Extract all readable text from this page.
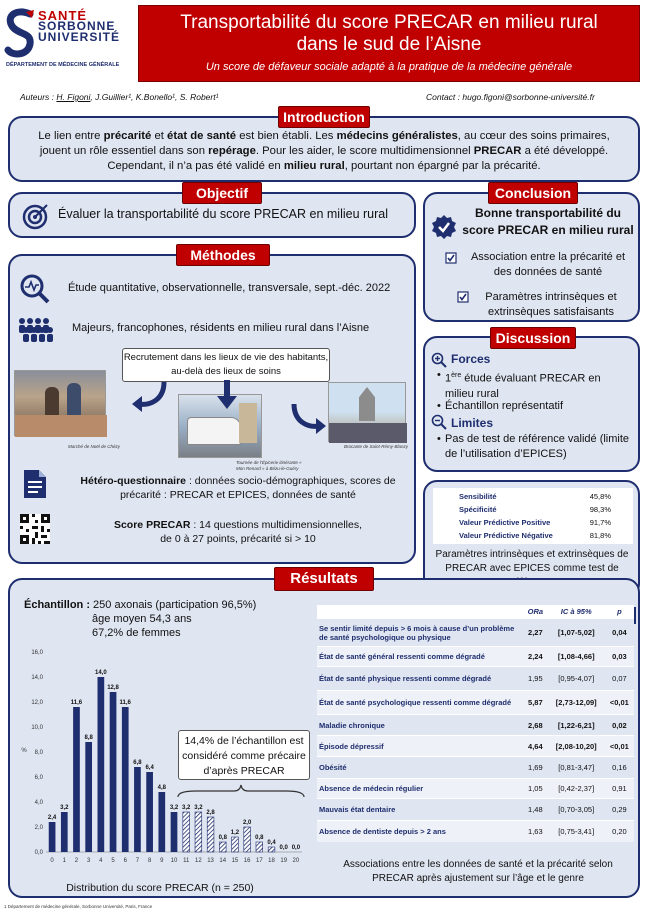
SANTÉ
SORBONNE
UNIVERSITÉ
DÉPARTEMENT DE MÉDECINE GÉNÉRALE
Transportabilité du score PRECAR en milieu rural
dans le sud de l’Aisne
Un score de défaveur sociale adapté à la pratique de la médecine générale
Auteurs : H. Figoni, J.Guillier¹, K.Bonello¹, S. Robert¹	Contact : hugo.figoni@sorbonne-université.fr

Le lien entre précarité et état de santé est bien établi. Les médecins généralistes, au cœur des soins primaires, jouent un rôle essentiel dans son repérage. Pour les aider, le score multidimensionnel PRECAR a été développé. Cependant, il n’a pas été validé en milieu rural, pourtant non épargné par la précarité.

Introduction
Évaluer la transportabilité du score PRECAR en milieu rural
Objectif
Bonne transportabilité du score PRECAR en milieu rural
Association entre la précarité et des données de santé
Paramètres intrinsèques et extrinsèques satisfaisants
Conclusion
Étude quantitative, observationnelle, transversale, sept.-déc. 2022
Majeurs, francophones, résidents en milieu rural dans l’Aisne
Recrutement dans les lieux de vie des habitants, au-delà des lieux de soins
Marché de Noël de Chézy
Tournée de l’Épicerie itinérante « Mon Renard » à Bézu-le-Guéry
Brocante de Saint-Rémy-Blanzy
Hétéro-questionnaire : données socio-démographiques, scores de précarité : PRECAR et EPICES, données de santé
Score PRECAR : 14 questions multidimensionnelles,
de 0 à 27 points, précarité si > 10
Méthodes
Forces
• 1ère étude évaluant PRECAR en milieu rural
• Échantillon représentatif
Limites
• Pas de test de référence validé (limite de l’utilisation d’EPICES)
Discussion
Sensibilité	45,8%
Spécificité	98,3%
Valeur Prédictive Positive	91,7%
Valeur Prédictive Négative	81,8%
Paramètres intrinsèques et extrinsèques de PRECAR avec EPICES comme test de
Échantillon : 250 axonais (participation 96,5%)
âge moyen 54,3 ans
67,2% de femmes
%
0,0
2,0
4,0
6,0
8,0
10,0
12,0
14,0
16,0
2,4
0
3,2
1
11,6
2
8,8
3
14,0
4
12,8
5
11,6
6
6,8
7
6,4
8
4,8
9
3,2
10
3,2
11
3,2
12
2,8
13
0,8
14
1,2
15
2,0
16
0,8
17
0,4
18
0,0
19
0,0
20
14,4% de l’échantillon est considéré comme précaire d’après PRECAR
Distribution du score PRECAR (n = 250)
Associations entre les données de santé et la précarité selon PRECAR après ajustement sur l’âge et le genre
Résultats
	ORa	IC à 95%	p
Se sentir limité depuis > 6 mois à cause d’un problème de santé psychologique ou physique	2,27	[1,07-5,02]	0,04
État de santé général ressenti comme dégradé	2,24	[1,08-4,66]	0,03
État de santé physique ressenti comme dégradé	1,95	[0,95-4,07]	0,07
État de santé psychologique ressenti comme dégradé	5,87	[2,73-12,09]	<0,01
Maladie chronique	2,68	[1,22-6,21]	0,02
Épisode dépressif	4,64	[2,08-10,20]	<0,01
Obésité	1,69	[0,81-3,47]	0,16
Absence de médecin régulier	1,05	[0,42-2,37]	0,91
Mauvais état dentaire	1,48	[0,70-3,05]	0,29
Absence de dentiste depuis > 2 ans	1,63	[0,75-3,41]	0,20
1 Département de médecine générale, Sorbonne Université, Paris, France
